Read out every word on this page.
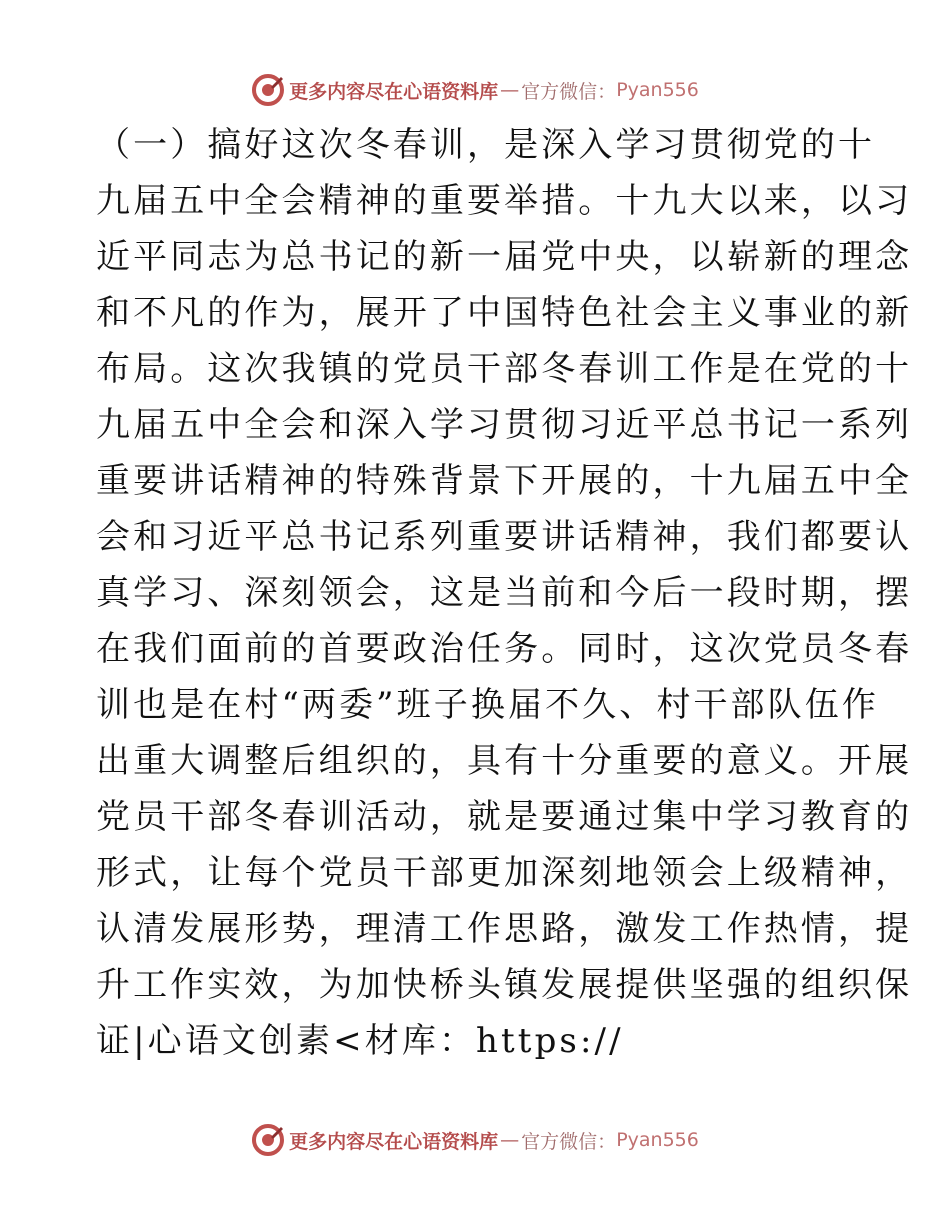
更多内容尽在心语资料库 — 官方微信： Pyan556
（一）搞好这次冬春训，是深入学习贯彻党的十
九届五中全会精神的重要举措。十九大以来，以习
近平同志为总书记的新一届党中央，以崭新的理念
和不凡的作为，展开了中国特色社会主义事业的新
布局。这次我镇的党员干部冬春训工作是在党的十
九届五中全会和深入学习贯彻习近平总书记一系列
重要讲话精神的特殊背景下开展的，十九届五中全
会和习近平总书记系列重要讲话精神，我们都要认
真学习、深刻领会，这是当前和今后一段时期，摆
在我们面前的首要政治任务。同时，这次党员冬春
训也是在村“两委”班子换届不久、村干部队伍作
出重大调整后组织的，具有十分重要的意义。开展
党员干部冬春训活动，就是要通过集中学习教育的
形式，让每个党员干部更加深刻地领会上级精神，
认清发展形势，理清工作思路，激发工作热情，提
升工作实效，为加快桥头镇发展提供坚强的组织保
证|心语文创素<材库：https://
更多内容尽在心语资料库 — 官方微信： Pyan556
